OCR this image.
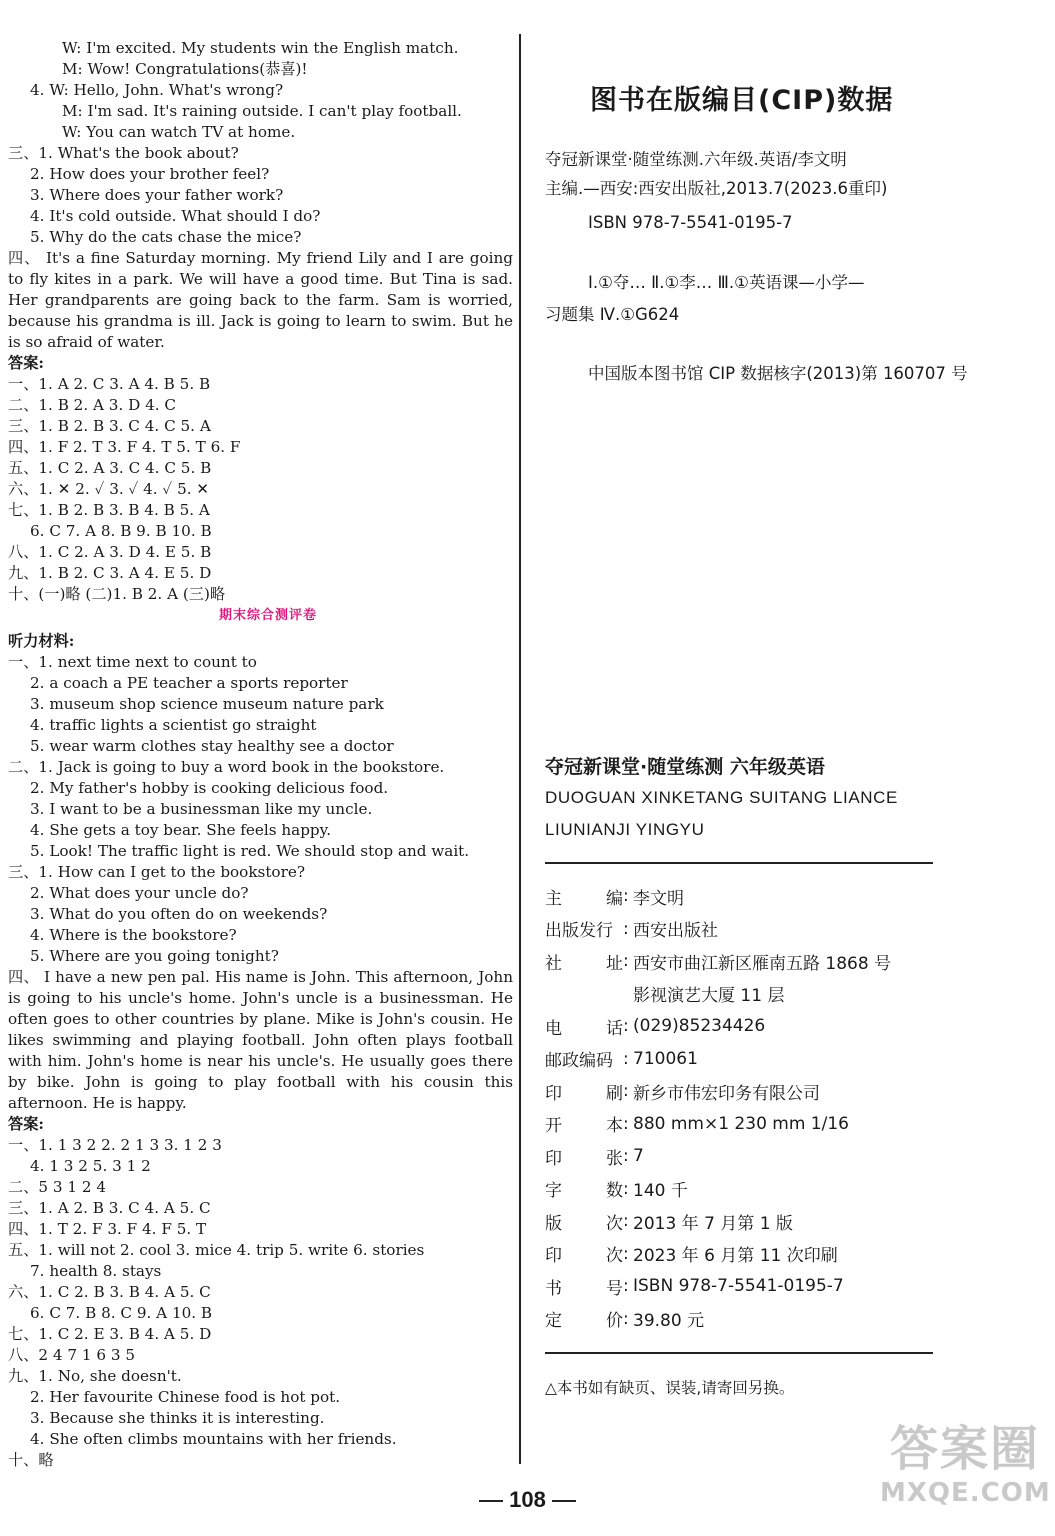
W: I'm excited. My students win the English match.
M: Wow! Congratulations(恭喜)!
4. W: Hello, John. What's wrong?
M: I'm sad. It's raining outside. I can't play football.
W: You can watch TV at home.
三、1. What's the book about?
2. How does your brother feel?
3. Where does your father work?
4. It's cold outside. What should I do?
5. Why do the cats chase the mice?
四、 It's a fine Saturday morning. My friend Lily and I are going to fly kites in a park. We will have a good time. But Tina is sad. Her grandparents are going back to the farm. Sam is worried, because his grandma is ill. Jack is going to learn to swim. But he is so afraid of water.
答案:
一、1. A 2. C 3. A 4. B 5. B
二、1. B 2. A 3. D 4. C
三、1. B 2. B 3. C 4. C 5. A
四、1. F 2. T 3. F 4. T 5. T 6. F
五、1. C 2. A 3. C 4. C 5. B
六、1. ✕ 2. ✓ 3. ✓ 4. ✓ 5. ✕
七、1. B 2. B 3. B 4. B 5. A
6. C 7. A 8. B 9. B 10. B
八、1. C 2. A 3. D 4. E 5. B
九、1. B 2. C 3. A 4. E 5. D
十、(一)略 (二)1. B 2. A (三)略
期末综合测评卷
听力材料:
一、1. next time next to count to
2. a coach a PE teacher a sports reporter
3. museum shop science museum nature park
4. traffic lights a scientist go straight
5. wear warm clothes stay healthy see a doctor
二、1. Jack is going to buy a word book in the bookstore.
2. My father's hobby is cooking delicious food.
3. I want to be a businessman like my uncle.
4. She gets a toy bear. She feels happy.
5. Look! The traffic light is red. We should stop and wait.
三、1. How can I get to the bookstore?
2. What does your uncle do?
3. What do you often do on weekends?
4. Where is the bookstore?
5. Where are you going tonight?
四、 I have a new pen pal. His name is John. This afternoon, John is going to his uncle's home. John's uncle is a businessman. He often goes to other countries by plane. Mike is John's cousin. He likes swimming and playing football. John often plays football with him. John's home is near his uncle's. He usually goes there by bike. John is going to play football with his cousin this afternoon. He is happy.
答案:
一、1. 1 3 2 2. 2 1 3 3. 1 2 3
4. 1 3 2 5. 3 1 2
二、5 3 1 2 4
三、1. A 2. B 3. C 4. A 5. C
四、1. T 2. F 3. F 4. F 5. T
五、1. will not 2. cool 3. mice 4. trip 5. write 6. stories
7. health 8. stays
六、1. C 2. B 3. B 4. A 5. C
6. C 7. B 8. C 9. A 10. B
七、1. C 2. E 3. B 4. A 5. D
八、2 4 7 1 6 3 5
九、1. No, she doesn't.
2. Her favourite Chinese food is hot pot.
3. Because she thinks it is interesting.
4. She often climbs mountains with her friends.
十、略
图书在版编目(CIP)数据
夺冠新课堂·随堂练测.六年级.英语/李文明
主编.—西安:西安出版社,2013.7(2023.6重印)
ISBN 978-7-5541-0195-7
Ⅰ.①夺… Ⅱ.①李… Ⅲ.①英语课—小学—
习题集 Ⅳ.①G624
中国版本图书馆 CIP 数据核字(2013)第 160707 号
夺冠新课堂·随堂练测 六年级英语
DUOGUAN XINKETANG SUITANG LIANCE
LIUNIANJI YINGYU
主	编 : 李文明
出版发行 : 西安出版社
社	址 : 西安市曲江新区雁南五路 1868 号
影视演艺大厦 11 层
电	话 : (029)85234426
邮政编码 : 710061
印	刷 : 新乡市伟宏印务有限公司
开	本 : 880 mm×1 230 mm 1/16
印	张 : 7
字	数 : 140 千
版	次 : 2013 年 7 月第 1 版
印	次 : 2023 年 6 月第 11 次印刷
书	号 : ISBN 978-7-5541-0195-7
定	价 : 39.80 元
△本书如有缺页、误装,请寄回另换。
108
答案圈
MXQE.COM
